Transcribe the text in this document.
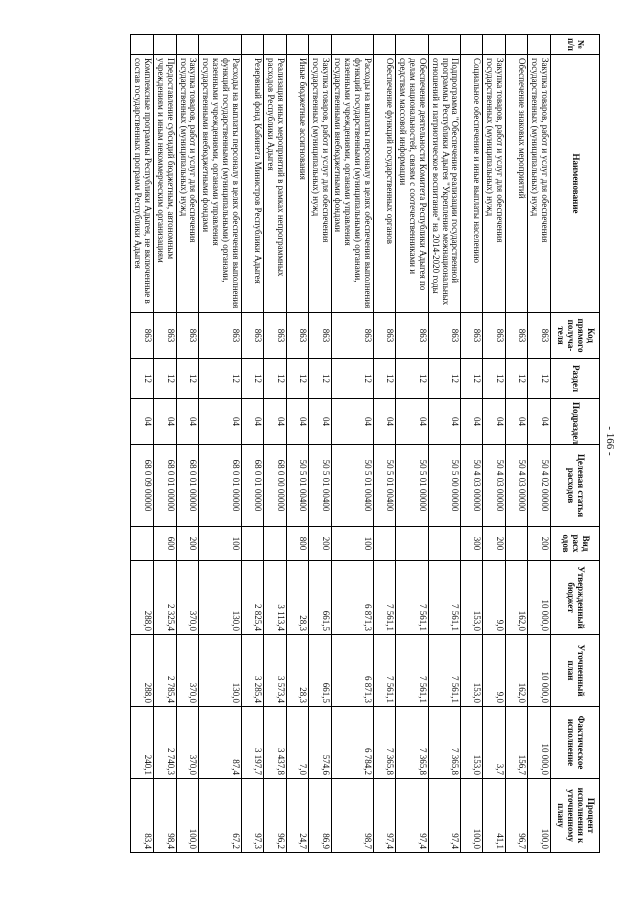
- 166 -
№ п/п	Наименование	Код прямого получа-теля	Раздел	Подраздел	Целевая статья расходов	Вид расх одов	Утвержденный бюджет	Уточненный план	Фактическое исполнение	Процент исполнения к уточненному плану
	Закупка товаров, работ и услуг для обеспечения государственных (муниципальных) нужд	863	12	04	50 4 02 00000	200	10 000,0	10 000,0	10 000,0	100,0
	Обеспечение знаковых мероприятий	863	12	04	50 4 03 00000		162,0	162,0	156,7	96,7
	Закупка товаров, работ и услуг для обеспечения государственных (муниципальных) нужд	863	12	04	50 4 03 00000	200	9,0	9,0	3,7	41,1
	Социальное обеспечение и иные выплаты населению	863	12	04	50 4 03 00000	300	153,0	153,0	153,0	100,0
	Подпрограмма "Обеспечение реализации государственной программы Республики Адыгея "Укрепление межнациональных отношений и патриотическое воспитание" на 2014-2020 годы	863	12	04	50 5 00 00000		7 561,1	7 561,1	7 365,8	97,4
	Обеспечение деятельности Комитета Республики Адыгея по делам национальностей, связям с соотечественниками и средствам массовой информации	863	12	04	50 5 01 00000		7 561,1	7 561,1	7 365,8	97,4
	Обеспечение функций государственных органов	863	12	04	50 5 01 00400		7 561,1	7 561,1	7 365,8	97,4
	Расходы на выплаты персоналу в целях обеспечения выполнения функций государственными (муниципальными) органами, казенными учреждениями, органами управления государственными внебюджетными фондами	863	12	04	50 5 01 00400	100	6 871,3	6 871,3	6 784,2	98,7
	Закупка товаров, работ и услуг для обеспечения государственных (муниципальных) нужд	863	12	04	50 5 01 00400	200	661,5	661,5	574,6	86,9
	Иные бюджетные ассигнования	863	12	04	50 5 01 00400	800	28,3	28,3	7,0	24,7
	Реализация иных мероприятий в рамках непрограммных расходов Республики Адыгея	863	12	04	68 0 00 00000		3 113,4	3 573,4	3 437,8	96,2
	Резервный фонд Кабинета Министров Республики Адыгея	863	12	04	68 0 01 00000		2 825,4	3 285,4	3 197,7	97,3
	Расходы на выплаты персоналу в целях обеспечения выполнения функций государственными (муниципальными) органами, казенными учреждениями, органами управления государственными внебюджетными фондами	863	12	04	68 0 01 00000	100	130,0	130,0	87,4	67,2
	Закупка товаров, работ и услуг для обеспечения государственных (муниципальных) нужд	863	12	04	68 0 01 00000	200	370,0	370,0	370,0	100,0
	Предоставление субсидий бюджетным, автономным учреждениям и иным некоммерческим организациям	863	12	04	68 0 01 00000	600	2 325,4	2 785,4	2 740,3	98,4
	Комплексные программы Республики Адыгея, не включенные в состав государственных программ Республики Адыгея	863	12	04	68 0 09 00000		288,0	288,0	240,1	83,4
